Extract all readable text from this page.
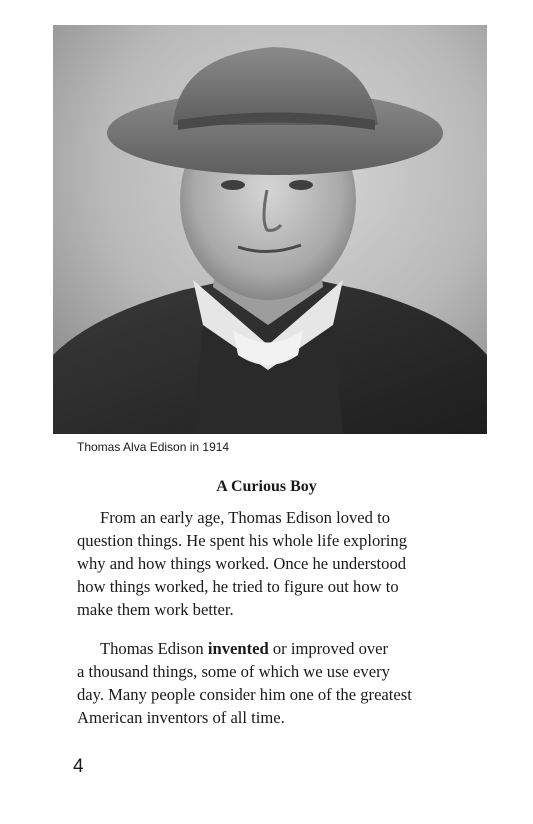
Thomas Alva Edison in 1914
A Curious Boy

From an early age, Thomas Edison loved to
question things. He spent his whole life exploring
why and how things worked. Once he understood
how things worked, he tried to figure out how to
make them work better.

Thomas Edison invented or improved over
a thousand things, some of which we use every
day. Many people consider him one of the greatest
American inventors of all time.

4
